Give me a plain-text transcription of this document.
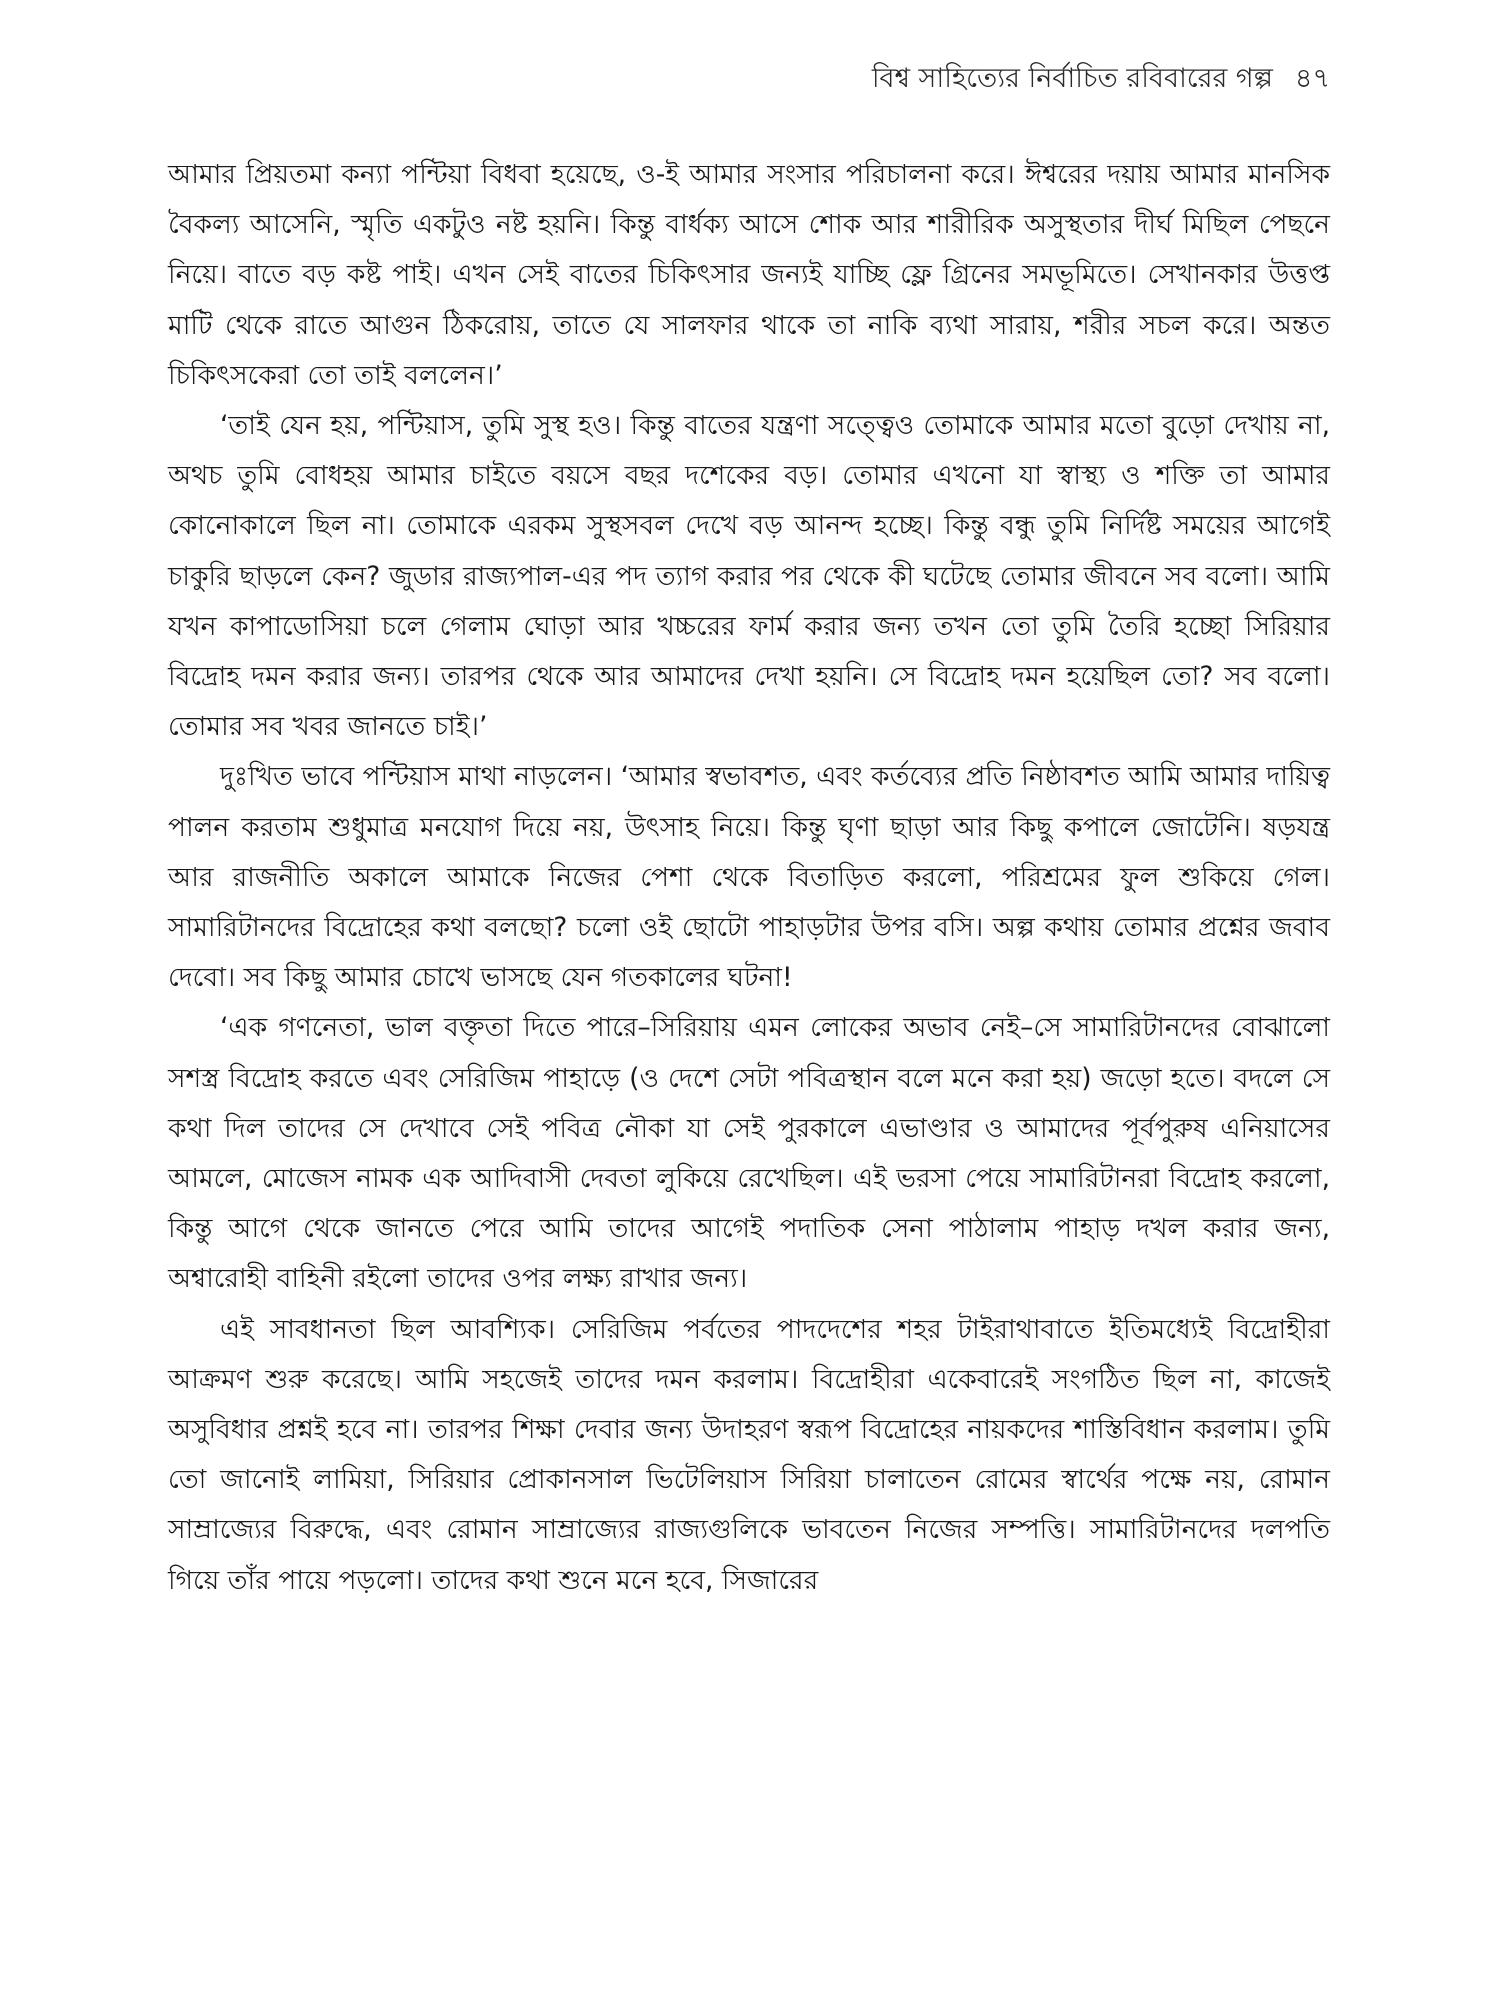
বিশ্ব সাহিত্যের নির্বাচিত রবিবারের গল্প ৪৭

আমার প্রিয়তমা কন্যা পন্টিয়া বিধবা হয়েছে, ও-ই আমার সংসার পরিচালনা করে। ঈশ্বরের দয়ায় আমার মানসিক বৈকল্য আসেনি, স্মৃতি একটুও নষ্ট হয়নি। কিন্তু বার্ধক্য আসে শোক আর শারীরিক অসুস্থতার দীর্ঘ মিছিল পেছনে নিয়ে। বাতে বড় কষ্ট পাই। এখন সেই বাতের চিকিৎসার জন্যই যাচ্ছি ফ্লে গ্রিনের সমভূমিতে। সেখানকার উত্তপ্ত মাটি থেকে রাতে আগুন ঠিকরোয়, তাতে যে সালফার থাকে তা নাকি ব্যথা সারায়, শরীর সচল করে। অন্তত চিকিৎসকেরা তো তাই বললেন।’

‘তাই যেন হয়, পন্টিয়াস, তুমি সুস্থ হও। কিন্তু বাতের যন্ত্রণা সত্ত্বেও তোমাকে আমার মতো বুড়ো দেখায় না, অথচ তুমি বোধহয় আমার চাইতে বয়সে বছর দশেকের বড়। তোমার এখনো যা স্বাস্থ্য ও শক্তি তা আমার কোনোকালে ছিল না। তোমাকে এরকম সুস্থসবল দেখে বড় আনন্দ হচ্ছে। কিন্তু বন্ধু তুমি নির্দিষ্ট সময়ের আগেই চাকুরি ছাড়লে কেন? জুডার রাজ্যপাল-এর পদ ত্যাগ করার পর থেকে কী ঘটেছে তোমার জীবনে সব বলো। আমি যখন কাপাডোসিয়া চলে গেলাম ঘোড়া আর খচ্চরের ফার্ম করার জন্য তখন তো তুমি তৈরি হচ্ছো সিরিয়ার বিদ্রোহ দমন করার জন্য। তারপর থেকে আর আমাদের দেখা হয়নি। সে বিদ্রোহ দমন হয়েছিল তো? সব বলো। তোমার সব খবর জানতে চাই।’

দুঃখিত ভাবে পন্টিয়াস মাথা নাড়লেন। ‘আমার স্বভাবশত, এবং কর্তব্যের প্রতি নিষ্ঠাবশত আমি আমার দায়িত্ব পালন করতাম শুধুমাত্র মনযোগ দিয়ে নয়, উৎসাহ নিয়ে। কিন্তু ঘৃণা ছাড়া আর কিছু কপালে জোটেনি। ষড়যন্ত্র আর রাজনীতি অকালে আমাকে নিজের পেশা থেকে বিতাড়িত করলো, পরিশ্রমের ফুল শুকিয়ে গেল। সামারিটানদের বিদ্রোহের কথা বলছো? চলো ওই ছোটো পাহাড়টার উপর বসি। অল্প কথায় তোমার প্রশ্নের জবাব দেবো। সব কিছু আমার চোখে ভাসছে যেন গতকালের ঘটনা!

‘এক গণনেতা, ভাল বক্তৃতা দিতে পারে–সিরিয়ায় এমন লোকের অভাব নেই–সে সামারিটানদের বোঝালো সশস্ত্র বিদ্রোহ করতে এবং সেরিজিম পাহাড়ে (ও দেশে সেটা পবিত্রস্থান বলে মনে করা হয়) জড়ো হতে। বদলে সে কথা দিল তাদের সে দেখাবে সেই পবিত্র নৌকা যা সেই পুরকালে এভাণ্ডার ও আমাদের পূর্বপুরুষ এনিয়াসের আমলে, মোজেস নামক এক আদিবাসী দেবতা লুকিয়ে রেখেছিল। এই ভরসা পেয়ে সামারিটানরা বিদ্রোহ করলো, কিন্তু আগে থেকে জানতে পেরে আমি তাদের আগেই পদাতিক সেনা পাঠালাম পাহাড় দখল করার জন্য, অশ্বারোহী বাহিনী রইলো তাদের ওপর লক্ষ্য রাখার জন্য।

এই সাবধানতা ছিল আবশ্যিক। সেরিজিম পর্বতের পাদদেশের শহর টাইরাথাবাতে ইতিমধ্যেই বিদ্রোহীরা আক্রমণ শুরু করেছে। আমি সহজেই তাদের দমন করলাম। বিদ্রোহীরা একেবারেই সংগঠিত ছিল না, কাজেই অসুবিধার প্রশ্নই হবে না। তারপর শিক্ষা দেবার জন্য উদাহরণ স্বরূপ বিদ্রোহের নায়কদের শাস্তিবিধান করলাম। তুমি তো জানোই লামিয়া, সিরিয়ার প্রোকানসাল ভিটেলিয়াস সিরিয়া চালাতেন রোমের স্বার্থের পক্ষে নয়, রোমান সাম্রাজ্যের বিরুদ্ধে, এবং রোমান সাম্রাজ্যের রাজ্যগুলিকে ভাবতেন নিজের সম্পত্তি। সামারিটানদের দলপতি গিয়ে তাঁর পায়ে পড়লো। তাদের কথা শুনে মনে হবে, সিজারের
